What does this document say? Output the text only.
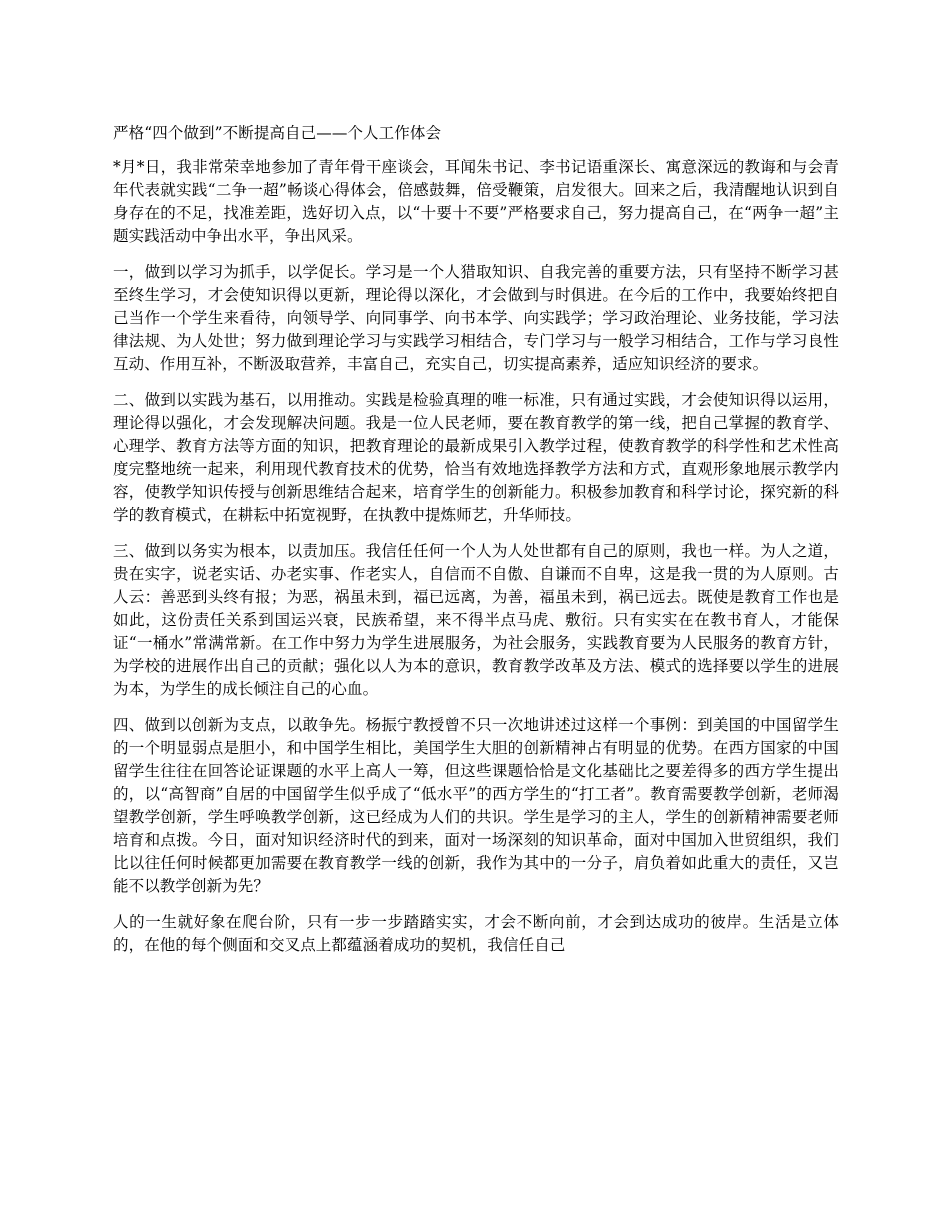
严格“四个做到”不断提高自己——个人工作体会

*月*日，我非常荣幸地参加了青年骨干座谈会，耳闻朱书记、李书记语重深长、寓意深远的教诲和与会青年代表就实践“二争一超”畅谈心得体会，倍感鼓舞，倍受鞭策，启发很大。回来之后，我清醒地认识到自身存在的不足，找准差距，选好切入点，以“十要十不要”严格要求自己，努力提高自己，在“两争一超”主题实践活动中争出水平，争出风采。

一，做到以学习为抓手，以学促长。学习是一个人猎取知识、自我完善的重要方法，只有坚持不断学习甚至终生学习，才会使知识得以更新，理论得以深化，才会做到与时俱进。在今后的工作中，我要始终把自己当作一个学生来看待，向领导学、向同事学、向书本学、向实践学；学习政治理论、业务技能，学习法律法规、为人处世；努力做到理论学习与实践学习相结合，专门学习与一般学习相结合，工作与学习良性互动、作用互补，不断汲取营养，丰富自己，充实自己，切实提高素养，适应知识经济的要求。

二、做到以实践为基石，以用推动。实践是检验真理的唯一标准，只有通过实践，才会使知识得以运用，理论得以强化，才会发现解决问题。我是一位人民老师，要在教育教学的第一线，把自己掌握的教育学、心理学、教育方法等方面的知识，把教育理论的最新成果引入教学过程，使教育教学的科学性和艺术性高度完整地统一起来，利用现代教育技术的优势，恰当有效地选择教学方法和方式，直观形象地展示教学内容，使教学知识传授与创新思维结合起来，培育学生的创新能力。积极参加教育和科学讨论，探究新的科学的教育模式，在耕耘中拓宽视野，在执教中提炼师艺，升华师技。

三、做到以务实为根本，以责加压。我信任任何一个人为人处世都有自己的原则，我也一样。为人之道，贵在实字，说老实话、办老实事、作老实人，自信而不自傲、自谦而不自卑，这是我一贯的为人原则。古人云：善恶到头终有报；为恶，祸虽未到，福已远离，为善，福虽未到，祸已远去。既使是教育工作也是如此，这份责任关系到国运兴衰，民族希望，来不得半点马虎、敷衍。只有实实在在教书育人，才能保证“一桶水”常满常新。在工作中努力为学生进展服务，为社会服务，实践教育要为人民服务的教育方针，为学校的进展作出自己的贡献；强化以人为本的意识，教育教学改革及方法、模式的选择要以学生的进展为本，为学生的成长倾注自己的心血。

四、做到以创新为支点，以敢争先。杨振宁教授曾不只一次地讲述过这样一个事例：到美国的中国留学生的一个明显弱点是胆小，和中国学生相比，美国学生大胆的创新精神占有明显的优势。在西方国家的中国留学生往往在回答论证课题的水平上高人一筹，但这些课题恰恰是文化基础比之要差得多的西方学生提出的，以“高智商”自居的中国留学生似乎成了“低水平”的西方学生的“打工者”。教育需要教学创新，老师渴望教学创新，学生呼唤教学创新，这已经成为人们的共识。学生是学习的主人，学生的创新精神需要老师培育和点拨。今日，面对知识经济时代的到来，面对一场深刻的知识革命，面对中国加入世贸组织，我们比以往任何时候都更加需要在教育教学一线的创新，我作为其中的一分子，肩负着如此重大的责任，又岂能不以教学创新为先？

人的一生就好象在爬台阶，只有一步一步踏踏实实，才会不断向前，才会到达成功的彼岸。生活是立体的，在他的每个侧面和交叉点上都蕴涵着成功的契机，我信任自己
